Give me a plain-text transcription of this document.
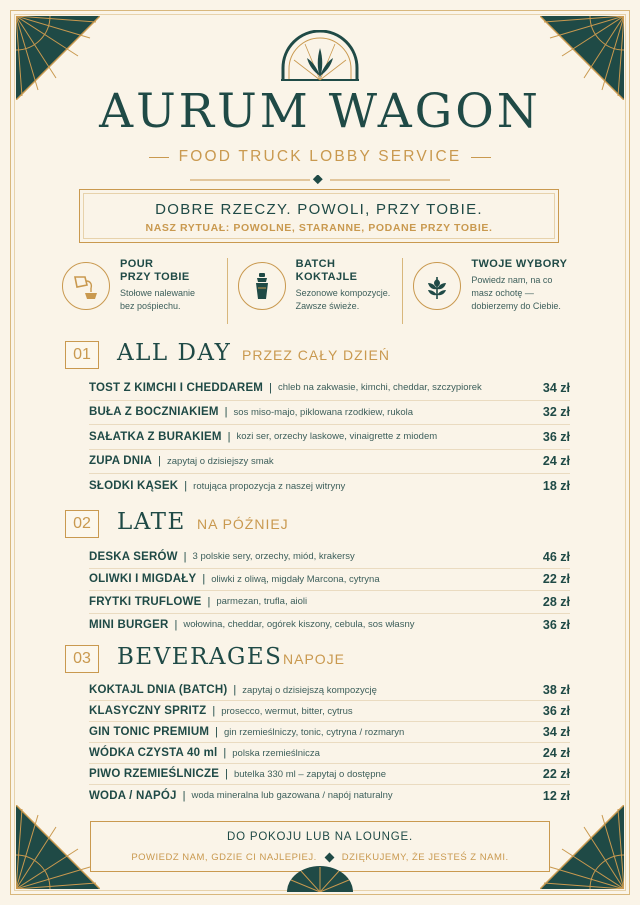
AURUM WAGON
FOOD TRUCK LOBBY SERVICE
DOBRE RZECZY. POWOLI, PRZY TOBIE.
NASZ RYTUAŁ: POWOLNE, STARANNE, PODANE PRZY TOBIE.
POUR
PRZY TOBIE
Stołowe nalewanie
bez pośpiechu.
BATCH
KOKTAJLE
Sezonowe kompozycje.
Zawsze świeże.
TWOJE WYBORY
Powiedz nam, na co
masz ochotę —
dobierzemy do Ciebie.
01	ALL DAY PRZEZ CAŁY DZIEŃ
TOST Z KIMCHI I CHEDDAREM | chleb na zakwasie, kimchi, cheddar, szczypiorek	34 zł
BUŁA Z BOCZNIAKIEM | sos miso-majo, piklowana rzodkiew, rukola	32 zł
SAŁATKA Z BURAKIEM | kozi ser, orzechy laskowe, vinaigrette z miodem	36 zł
ZUPA DNIA | zapytaj o dzisiejszy smak	24 zł
SŁODKI KĄSEK | rotująca propozycja z naszej witryny	18 zł
02	LATE NA PÓŹNIEJ
DESKA SERÓW | 3 polskie sery, orzechy, miód, krakersy	46 zł
OLIWKI I MIGDAŁY | oliwki z oliwą, migdały Marcona, cytryna	22 zł
FRYTKI TRUFLOWE | parmezan, trufla, aioli	28 zł
MINI BURGER | wołowina, cheddar, ogórek kiszony, cebula, sos własny	36 zł
03	BEVERAGES NAPOJE
KOKTAJL DNIA (BATCH) | zapytaj o dzisiejszą kompozycję	38 zł
KLASYCZNY SPRITZ | prosecco, wermut, bitter, cytrus	36 zł
GIN TONIC PREMIUM | gin rzemieślniczy, tonic, cytryna / rozmaryn	34 zł
WÓDKA CZYSTA 40 ml | polska rzemieślnicza	24 zł
PIWO RZEMIEŚLNICZE | butelka 330 ml – zapytaj o dostępne	22 zł
WODA / NAPÓJ | woda mineralna lub gazowana / napój naturalny	12 zł
DO POKOJU LUB NA LOUNGE.
POWIEDZ NAM, GDZIE CI NAJLEPIEJ.	DZIĘKUJEMY, ŻE JESTEŚ Z NAMI.
